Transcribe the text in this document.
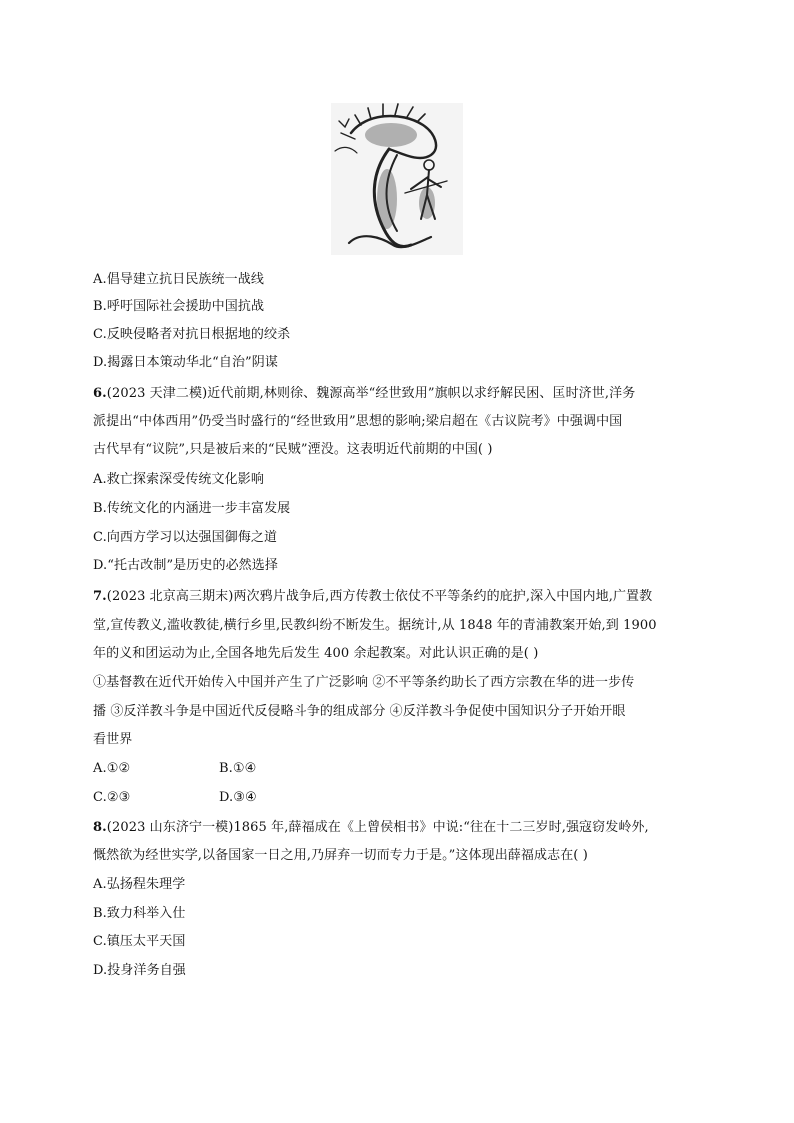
A.倡导建立抗日民族统一战线
B.呼吁国际社会援助中国抗战
C.反映侵略者对抗日根据地的绞杀
D.揭露日本策动华北“自治”阴谋
6.(2023 天津二模)近代前期,林则徐、魏源高举“经世致用”旗帜以求纾解民困、匡时济世,洋务
派提出“中体西用”仍受当时盛行的“经世致用”思想的影响;梁启超在《古议院考》中强调中国
古代早有“议院”,只是被后来的“民贼”湮没。这表明近代前期的中国( )
A.救亡探索深受传统文化影响
B.传统文化的内涵进一步丰富发展
C.向西方学习以达强国御侮之道
D.“托古改制”是历史的必然选择
7.(2023 北京高三期末)两次鸦片战争后,西方传教士依仗不平等条约的庇护,深入中国内地,广置教
堂,宣传教义,滥收教徒,横行乡里,民教纠纷不断发生。据统计,从 1848 年的青浦教案开始,到 1900
年的义和团运动为止,全国各地先后发生 400 余起教案。对此认识正确的是( )
①基督教在近代开始传入中国并产生了广泛影响 ②不平等条约助长了西方宗教在华的进一步传
播 ③反洋教斗争是中国近代反侵略斗争的组成部分 ④反洋教斗争促使中国知识分子开始开眼
看世界
A.①②	B.①④
C.②③	D.③④
8.(2023 山东济宁一模)1865 年,薛福成在《上曾侯相书》中说:“往在十二三岁时,强寇窃发岭外,
慨然欲为经世实学,以备国家一日之用,乃屏弃一切而专力于是。”这体现出薛福成志在( )
A.弘扬程朱理学
B.致力科举入仕
C.镇压太平天国
D.投身洋务自强
